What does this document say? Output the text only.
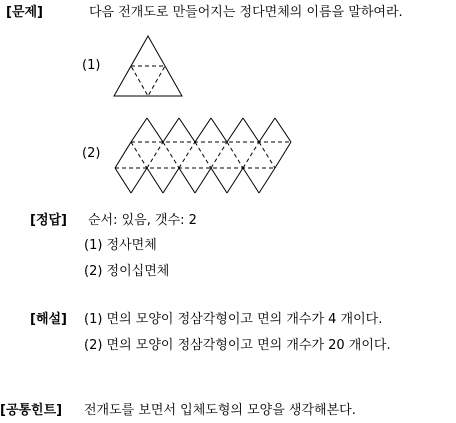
[문제]	다음 전개도로 만들어지는 정다면체의 이름을 말하여라.
(1)
(2)
[정답] 순서: 있음, 갯수: 2
(1) 정사면체
(2) 정이십면체
[해설] (1) 면의 모양이 정삼각형이고 면의 개수가 4 개이다.
(2) 면의 모양이 정삼각형이고 면의 개수가 20 개이다.
[공통힌트] 전개도를 보면서 입체도형의 모양을 생각해본다.
